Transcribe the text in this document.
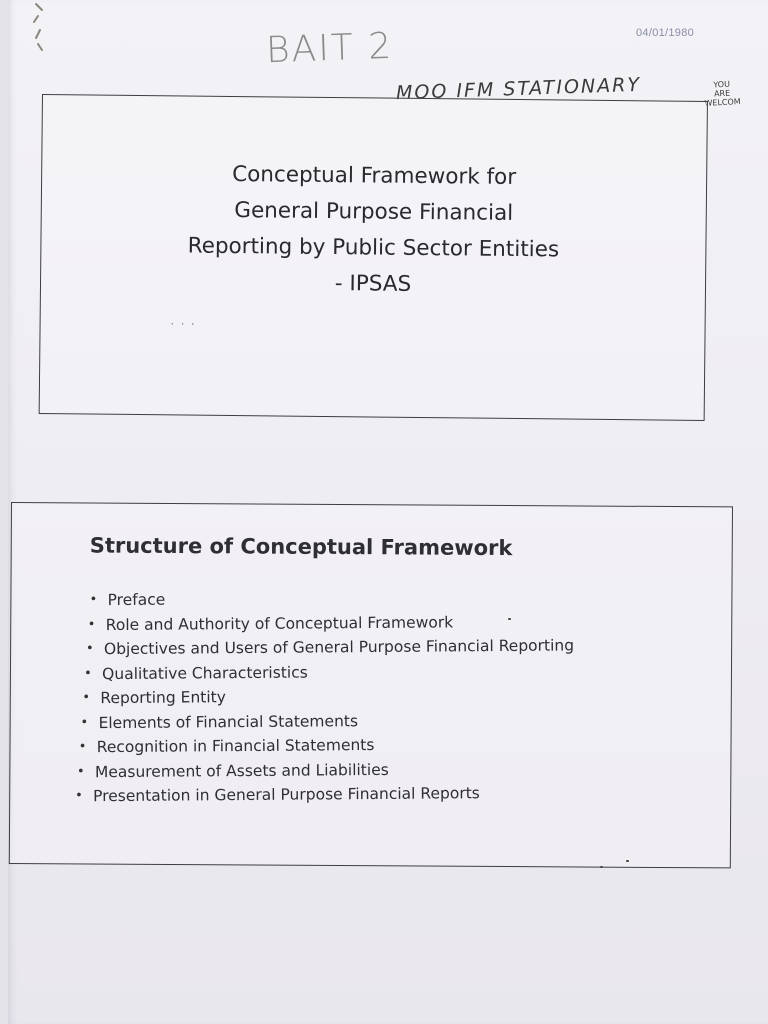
04/01/1980
BAIT 2
MOO IFM STATIONARY	YOU
ARE
WELCOM
Conceptual Framework for
General Purpose Financial
Reporting by Public Sector Entities
- IPSAS
. . .
Structure of Conceptual Framework
• Preface
• Role and Authority of Conceptual Framework
• Objectives and Users of General Purpose Financial Reporting
• Qualitative Characteristics
• Reporting Entity
• Elements of Financial Statements
• Recognition in Financial Statements
• Measurement of Assets and Liabilities
• Presentation in General Purpose Financial Reports
